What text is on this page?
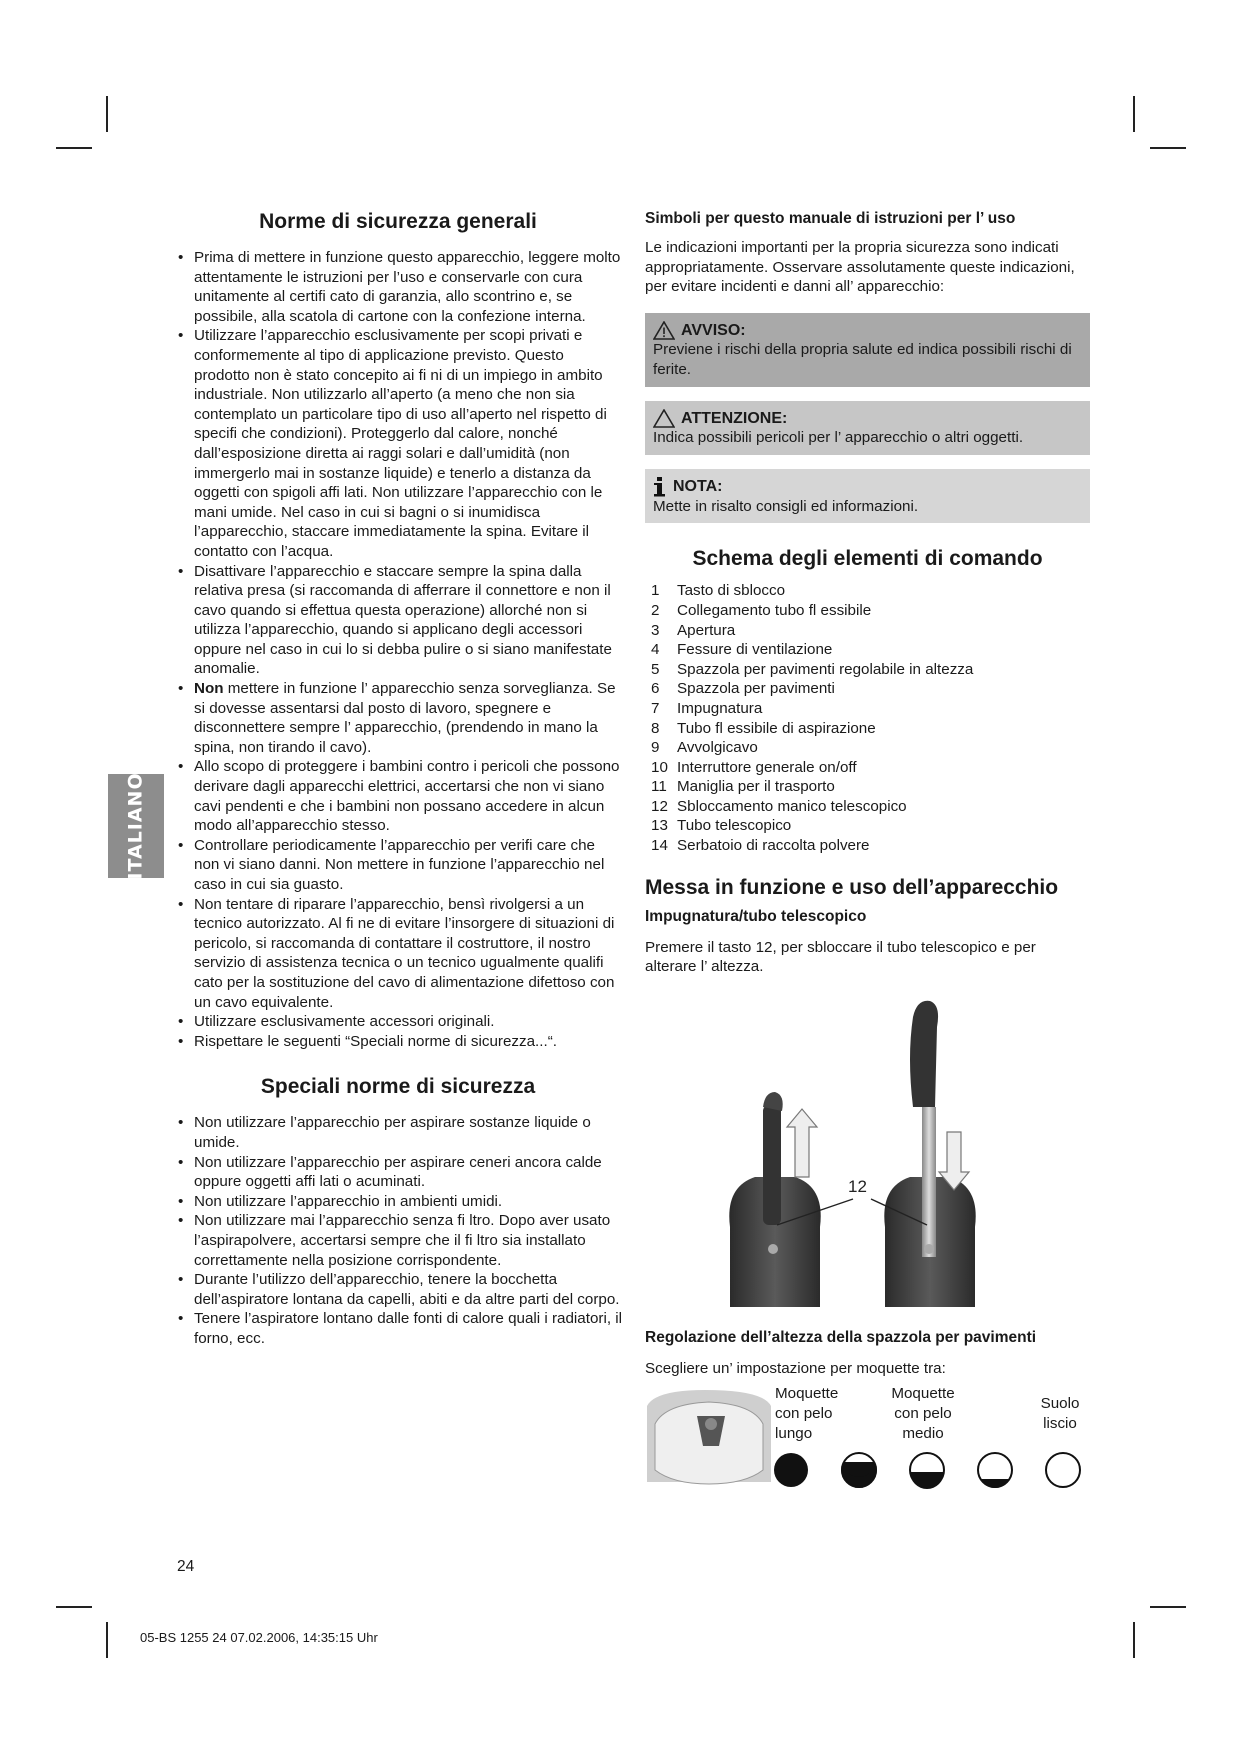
ITALIANO
Norme di sicurezza generali
• Prima di mettere in funzione questo apparecchio, leggere molto attentamente le istruzioni per l’uso e conservarle con cura unitamente al certifi cato di garanzia, allo scontrino e, se possibile, alla scatola di cartone con la confezione interna.
• Utilizzare l’apparecchio esclusivamente per scopi privati e conformemente al tipo di applicazione previsto. Questo prodotto non è stato concepito ai fi ni di un impiego in ambito industriale. Non utilizzarlo all’aperto (a meno che non sia contemplato un particolare tipo di uso all’aperto nel rispetto di specifi che condizioni). Proteggerlo dal calore, nonché dall’esposizione diretta ai raggi solari e dall’umidità (non immergerlo mai in sostanze liquide) e tenerlo a distanza da oggetti con spigoli affi lati. Non utilizzare l’apparecchio con le mani umide. Nel caso in cui si bagni o si inumidisca l’apparecchio, staccare immediatamente la spina. Evitare il contatto con l’acqua.
• Disattivare l’apparecchio e staccare sempre la spina dalla relativa presa (si raccomanda di afferrare il connettore e non il cavo quando si effettua questa operazione) allorché non si utilizza l’apparecchio, quando si applicano degli accessori oppure nel caso in cui lo si debba pulire o si siano manifestate anomalie.
• Non mettere in funzione l’ apparecchio senza sorveglianza. Se si dovesse assentarsi dal posto di lavoro, spegnere e disconnettere sempre l’ apparecchio, (prendendo in mano la spina, non tirando il cavo).
• Allo scopo di proteggere i bambini contro i pericoli che possono derivare dagli apparecchi elettrici, accertarsi che non vi siano cavi pendenti e che i bambini non possano accedere in alcun modo all’apparecchio stesso.
• Controllare periodicamente l’apparecchio per verifi care che non vi siano danni. Non mettere in funzione l’apparecchio nel caso in cui sia guasto.
• Non tentare di riparare l’apparecchio, bensì rivolgersi a un tecnico autorizzato. Al fi ne di evitare l’insorgere di situazioni di pericolo, si raccomanda di contattare il costruttore, il nostro servizio di assistenza tecnica o un tecnico ugualmente qualifi cato per la sostituzione del cavo di alimentazione difettoso con un cavo equivalente.
• Utilizzare esclusivamente accessori originali.
• Rispettare le seguenti “Speciali norme di sicurezza...“.
Speciali norme di sicurezza
• Non utilizzare l’apparecchio per aspirare sostanze liquide o umide.
• Non utilizzare l’apparecchio per aspirare ceneri ancora calde oppure oggetti affi lati o acuminati.
• Non utilizzare l’apparecchio in ambienti umidi.
• Non utilizzare mai l’apparecchio senza fi ltro. Dopo aver usato l’aspirapolvere, accertarsi sempre che il fi ltro sia installato correttamente nella posizione corrispondente.
• Durante l’utilizzo dell’apparecchio, tenere la bocchetta dell’aspiratore lontana da capelli, abiti e da altre parti del corpo.
• Tenere l’aspiratore lontano dalle fonti di calore quali i radiatori, il forno, ecc.
Simboli per questo manuale di istruzioni per l’ uso

Le indicazioni importanti per la propria sicurezza sono indicati appropriatamente. Osservare assolutamente queste indicazioni, per evitare incidenti e danni all’ apparecchio:

AVVISO:
Previene i rischi della propria salute ed indica possibili rischi di ferite.
ATTENZIONE:
Indica possibili pericoli per l’ apparecchio o altri oggetti.
NOTA:
Mette in risalto consigli ed informazioni.
Schema degli elementi di comando
1	Tasto di sblocco
2	Collegamento tubo fl essibile
3	Apertura
4	Fessure di ventilazione
5	Spazzola per pavimenti regolabile in altezza
6	Spazzola per pavimenti
7	Impugnatura
8	Tubo fl essibile di aspirazione
9	Avvolgicavo
10 Interruttore generale on/off
11 Maniglia per il trasporto
12 Sbloccamento manico telescopico
13 Tubo telescopico
14 Serbatoio di raccolta polvere
Messa in funzione e uso dell’apparecchio
Impugnatura/tubo telescopico

Premere il tasto 12, per sbloccare il tubo telescopico e per alterare l’ altezza.

12
Regolazione dell’altezza della spazzola per pavimenti

Scegliere un’ impostazione per moquette tra:

Moquette con pelo lungo
Moquette con pelo medio
Suolo liscio
24
05-BS 1255 24 07.02.2006, 14:35:15 Uhr
